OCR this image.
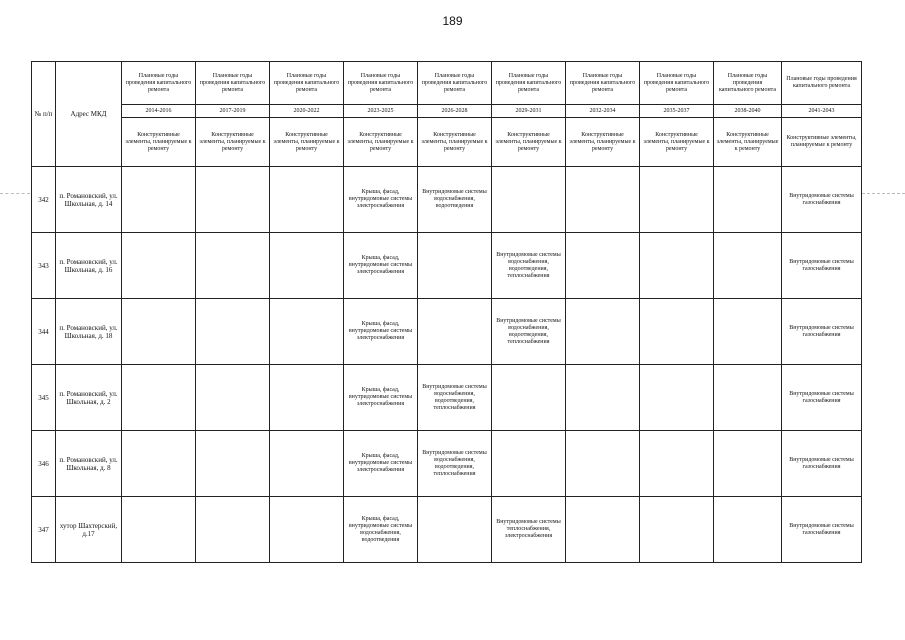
189
№ п/п	Адрес МКД	Плановые годы проведения капитального ремонта	Плановые годы проведения капитального ремонта	Плановые годы проведения капитального ремонта	Плановые годы проведения капитального ремонта	Плановые годы проведения капитального ремонта	Плановые годы проведения капитального ремонта	Плановые годы проведения капитального ремонта	Плановые годы проведения капитального ремонта	Плановые годы проведения капитального ремонта	Плановые годы проведения капитального ремонта
		2014-2016	2017-2019	2020-2022	2023-2025	2026-2028	2029-2031	2032-2034	2035-2037	2038-2040	2041-2043
		Конструктивные элементы, планируемые к ремонту	Конструктивные элементы, планируемые к ремонту	Конструктивные элементы, планируемые к ремонту	Конструктивные элементы, планируемые к ремонту	Конструктивные элементы, планируемые к ремонту	Конструктивные элементы, планируемые к ремонту	Конструктивные элементы, планируемые к ремонту	Конструктивные элементы, планируемые к ремонту	Конструктивные элементы, планируемые к ремонту	Конструктивные элементы, планируемые к ремонту
342	п. Романовский, ул. Школьная, д. 14				Крыша, фасад, внутридомовые системы электроснабжения	Внутридомовые системы водоснабжения, водоотведения					Внутридомовые системы газоснабжения
343	п. Романовский, ул. Школьная, д. 16				Крыша, фасад, внутридомовые системы электроснабжения		Внутридомовые системы водоснабжения, водоотведения, теплоснабжения				Внутридомовые системы газоснабжения
344	п. Романовский, ул. Школьная, д. 18				Крыша, фасад, внутридомовые системы электроснабжения		Внутридомовые системы водоснабжения, водоотведения, теплоснабжения				Внутридомовые системы газоснабжения
345	п. Романовский, ул. Школьная, д. 2				Крыша, фасад, внутридомовые системы электроснабжения	Внутридомовые системы водоснабжения, водоотведения, теплоснабжения					Внутридомовые системы газоснабжения
346	п. Романовский, ул. Школьная, д. 8				Крыша, фасад, внутридомовые системы электроснабжения	Внутридомовые системы водоснабжения, водоотведения, теплоснабжения					Внутридомовые системы газоснабжения
347	хутор Шахтерский, д.17				Крыша, фасад, внутридомовые системы водоснабжения, водоотведения		Внутридомовые системы теплоснабжения, электроснабжения				Внутридомовые системы газоснабжения
